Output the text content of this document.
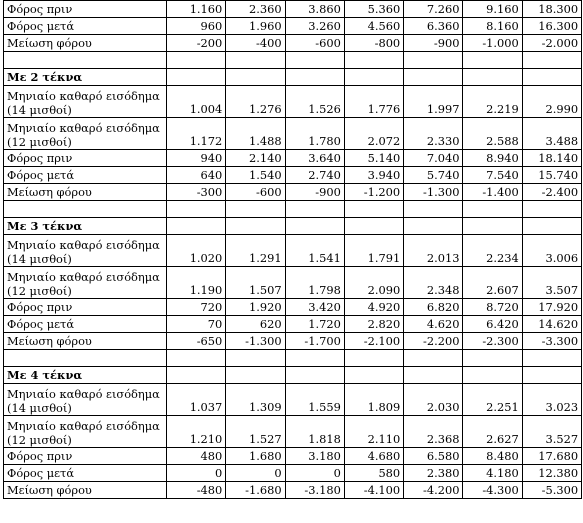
Φόρος πριν	1.160	2.360	3.860	5.360	7.260	9.160	18.300
Φόρος μετά	960	1.960	3.260	4.560	6.360	8.160	16.300
Μείωση φόρου	-200	-400	-600	-800	-900	-1.000	-2.000

Με 2 τέκνα							
Μηνιαίο καθαρό εισόδημα (14 μισθοί)	1.004	1.276	1.526	1.776	1.997	2.219	2.990
Μηνιαίο καθαρό εισόδημα (12 μισθοί)	1.172	1.488	1.780	2.072	2.330	2.588	3.488
Φόρος πριν	940	2.140	3.640	5.140	7.040	8.940	18.140
Φόρος μετά	640	1.540	2.740	3.940	5.740	7.540	15.740
Μείωση φόρου	-300	-600	-900	-1.200	-1.300	-1.400	-2.400

Με 3 τέκνα							
Μηνιαίο καθαρό εισόδημα (14 μισθοί)	1.020	1.291	1.541	1.791	2.013	2.234	3.006
Μηνιαίο καθαρό εισόδημα (12 μισθοί)	1.190	1.507	1.798	2.090	2.348	2.607	3.507
Φόρος πριν	720	1.920	3.420	4.920	6.820	8.720	17.920
Φόρος μετά	70	620	1.720	2.820	4.620	6.420	14.620
Μείωση φόρου	-650	-1.300	-1.700	-2.100	-2.200	-2.300	-3.300

Με 4 τέκνα							
Μηνιαίο καθαρό εισόδημα (14 μισθοί)	1.037	1.309	1.559	1.809	2.030	2.251	3.023
Μηνιαίο καθαρό εισόδημα (12 μισθοί)	1.210	1.527	1.818	2.110	2.368	2.627	3.527
Φόρος πριν	480	1.680	3.180	4.680	6.580	8.480	17.680
Φόρος μετά	0	0	0	580	2.380	4.180	12.380
Μείωση φόρου	-480	-1.680	-3.180	-4.100	-4.200	-4.300	-5.300
